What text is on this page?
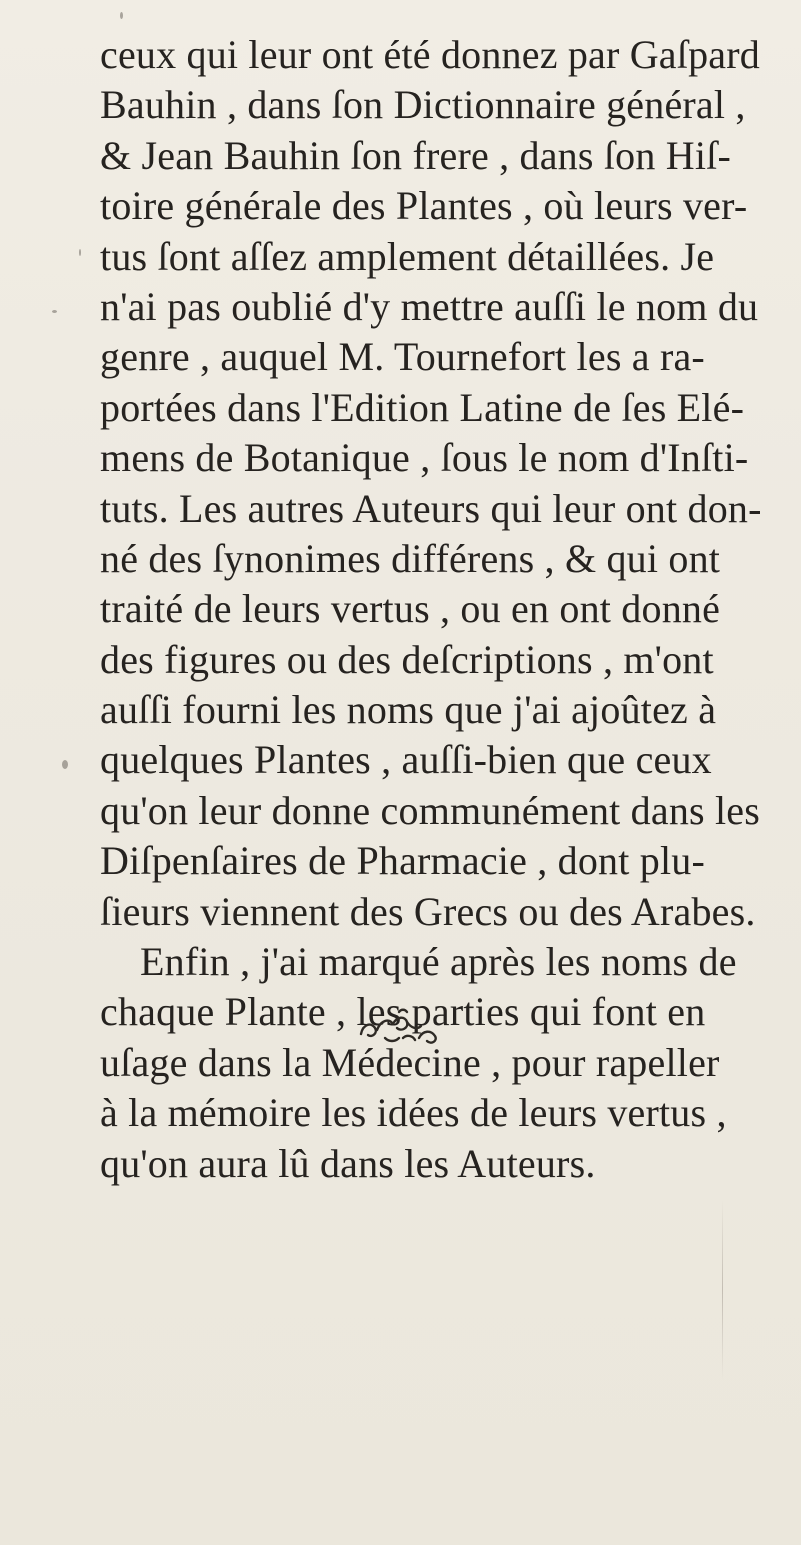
ceux qui leur ont été donnez par Gaſpard
Bauhin , dans ſon Dictionnaire général ,
& Jean Bauhin ſon frere , dans ſon Hiſ-
toire générale des Plantes , où leurs ver-
tus ſont aſſez amplement détaillées. Je
n'ai pas oublié d'y mettre auſſi le nom du
genre , auquel M. Tournefort les a ra-
portées dans l'Edition Latine de ſes Elé-
mens de Botanique , ſous le nom d'Inſti-
tuts. Les autres Auteurs qui leur ont don-
né des ſynonimes différens , & qui ont
traité de leurs vertus , ou en ont donné
des figures ou des deſcriptions , m'ont
auſſi fourni les noms que j'ai ajoûtez à
quelques Plantes , auſſi-bien que ceux
qu'on leur donne communément dans les
Diſpenſaires de Pharmacie , dont plu-
ſieurs viennent des Grecs ou des Arabes.
Enfin , j'ai marqué après les noms de
chaque Plante , les parties qui font en
uſage dans la Médecine , pour rapeller
à la mémoire les idées de leurs vertus ,
qu'on aura lû dans les Auteurs.
